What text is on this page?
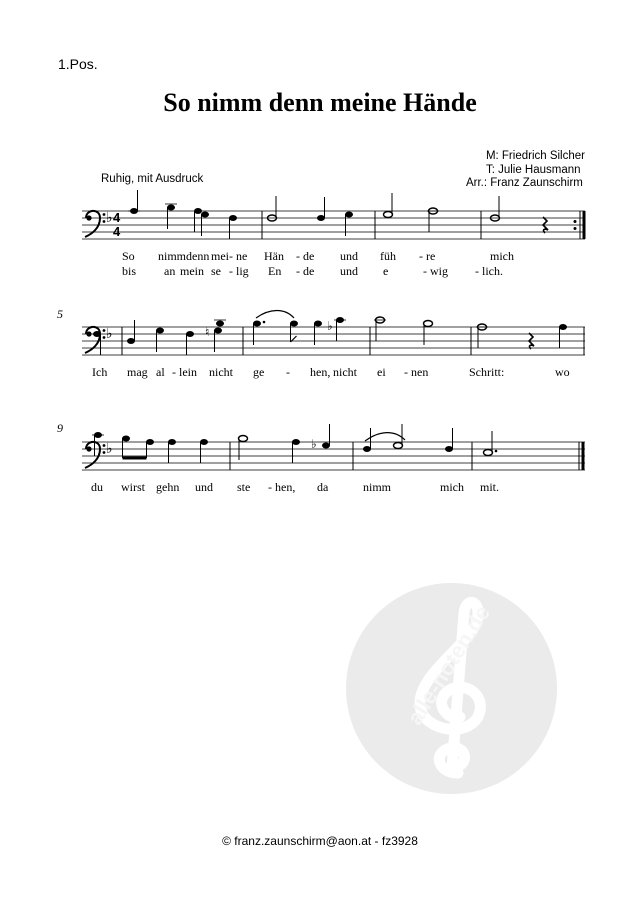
1.Pos.
So nimm denn meine Hände
M: Friedrich Silcher
T: Julie Hausmann
Arr.: Franz Zaunschirm
Ruhig, mit Ausdruck
alle-noten.de
♭ 4
4
So nimm denn mei - ne Hän - de und füh - re	mich
bis an mein se - lig En - de und e	- wig - lich.
5
♭	♮	♭
Ich mag al - lein nicht ge - hen, nicht ei - nen	Schritt:	wo
9
♭	♭
du wirst gehn und ste - hen, da	nimm	mich mit.
© franz.zaunschirm@aon.at - fz3928
